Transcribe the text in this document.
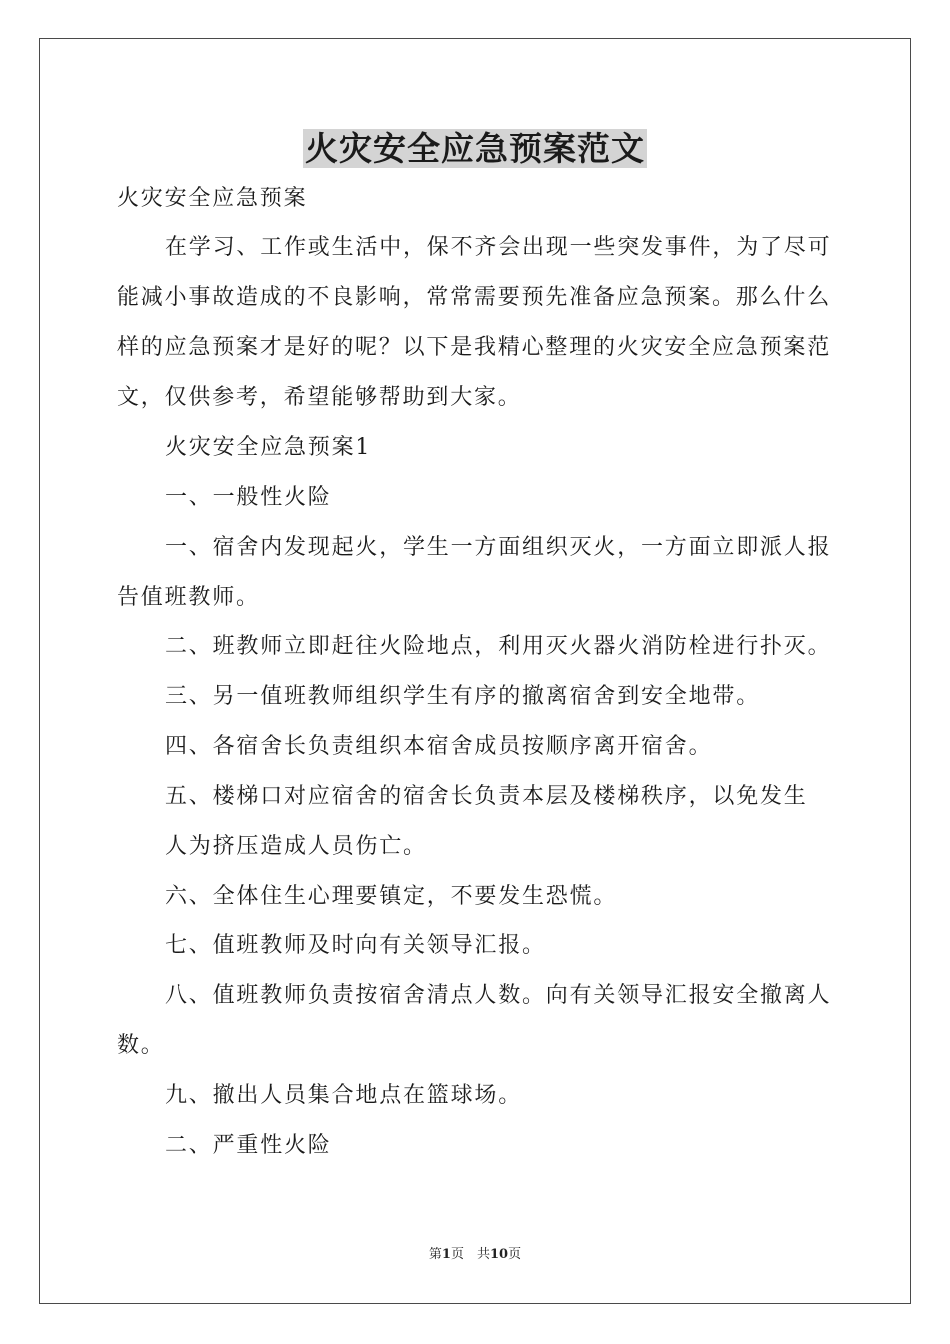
火灾安全应急预案范文

火灾安全应急预案

在学习、工作或生活中，保不齐会出现一些突发事件，为了尽可

能减小事故造成的不良影响，常常需要预先准备应急预案。那么什么

样的应急预案才是好的呢？以下是我精心整理的火灾安全应急预案范

文，仅供参考，希望能够帮助到大家。

火灾安全应急预案1

一、一般性火险

一、宿舍内发现起火，学生一方面组织灭火，一方面立即派人报

告值班教师。

二、班教师立即赶往火险地点，利用灭火器火消防栓进行扑灭。

三、另一值班教师组织学生有序的撤离宿舍到安全地带。

四、各宿舍长负责组织本宿舍成员按顺序离开宿舍。

五、楼梯口对应宿舍的宿舍长负责本层及楼梯秩序，以免发生

人为挤压造成人员伤亡。

六、全体住生心理要镇定，不要发生恐慌。

七、值班教师及时向有关领导汇报。

八、值班教师负责按宿舍清点人数。向有关领导汇报安全撤离人

数。

九、撤出人员集合地点在篮球场。

二、严重性火险

第1页　共10页
